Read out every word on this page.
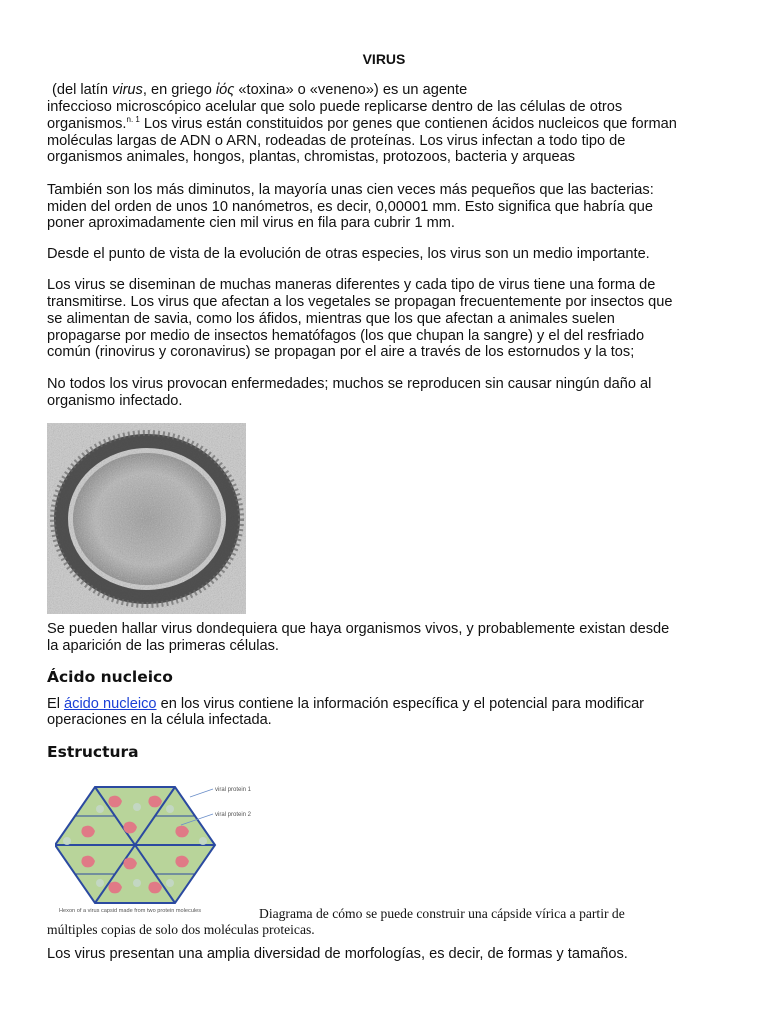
VIRUS
(del latín virus, en griego ἰός «toxina» o «veneno») es un agente
infeccioso microscópico acelular que solo puede replicarse dentro de las células de otros
organismos.$^{n. 1}$ Los virus están constituidos por genes que contienen ácidos nucleicos que forman
moléculas largas de ADN o ARN, rodeadas de proteínas. Los virus infectan a todo tipo de
organismos animales, hongos, plantas, chromistas, protozoos, bacteria y arqueas
También son los más diminutos, la mayoría unas cien veces más pequeños que las bacterias:
miden del orden de unos 10 nanómetros, es decir, 0,00001 mm. Esto significa que habría que
poner aproximadamente cien mil virus en fila para cubrir 1 mm.
Desde el punto de vista de la evolución de otras especies, los virus son un medio importante.
Los virus se diseminan de muchas maneras diferentes y cada tipo de virus tiene una forma de
transmitirse. Los virus que afectan a los vegetales se propagan frecuentemente por insectos que
se alimentan de savia, como los áfidos, mientras que los que afectan a animales suelen
propagarse por medio de insectos hematófagos (los que chupan la sangre) y el del resfriado
común (rinovirus y coronavirus) se propagan por el aire a través de los estornudos y la tos;
No todos los virus provocan enfermedades; muchos se reproducen sin causar ningún daño al
organismo infectado.
Se pueden hallar virus dondequiera que haya organismos vivos, y probablemente existan desde
la aparición de las primeras células.
Ácido nucleico
El ácido nucleico en los virus contiene la información específica y el potencial para modificar
operaciones en la célula infectada.
Estructura
viral protein 1
viral protein 2
Hexon of a virus capsid made from two protein molecules	Diagrama de cómo se puede construir una cápside vírica a partir de
múltiples copias de solo dos moléculas proteicas.
Los virus presentan una amplia diversidad de morfologías, es decir, de formas y tamaños.
